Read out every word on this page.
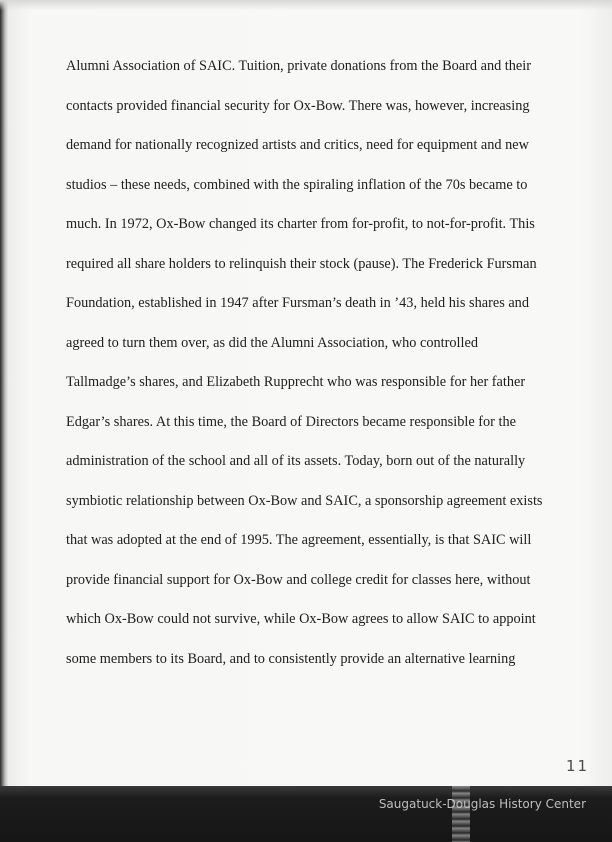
Alumni Association of SAIC. Tuition, private donations from the Board and their
contacts provided financial security for Ox-Bow. There was, however, increasing
demand for nationally recognized artists and critics, need for equipment and new
studios – these needs, combined with the spiraling inflation of the 70s became to
much. In 1972, Ox-Bow changed its charter from for-profit, to not-for-profit. This
required all share holders to relinquish their stock (pause). The Frederick Fursman
Foundation, established in 1947 after Fursman’s death in ’43, held his shares and
agreed to turn them over, as did the Alumni Association, who controlled
Tallmadge’s shares, and Elizabeth Rupprecht who was responsible for her father
Edgar’s shares. At this time, the Board of Directors became responsible for the
administration of the school and all of its assets. Today, born out of the naturally
symbiotic relationship between Ox-Bow and SAIC, a sponsorship agreement exists
that was adopted at the end of 1995. The agreement, essentially, is that SAIC will
provide financial support for Ox-Bow and college credit for classes here, without
which Ox-Bow could not survive, while Ox-Bow agrees to allow SAIC to appoint
some members to its Board, and to consistently provide an alternative learning
11
Saugatuck-Douglas History Center
